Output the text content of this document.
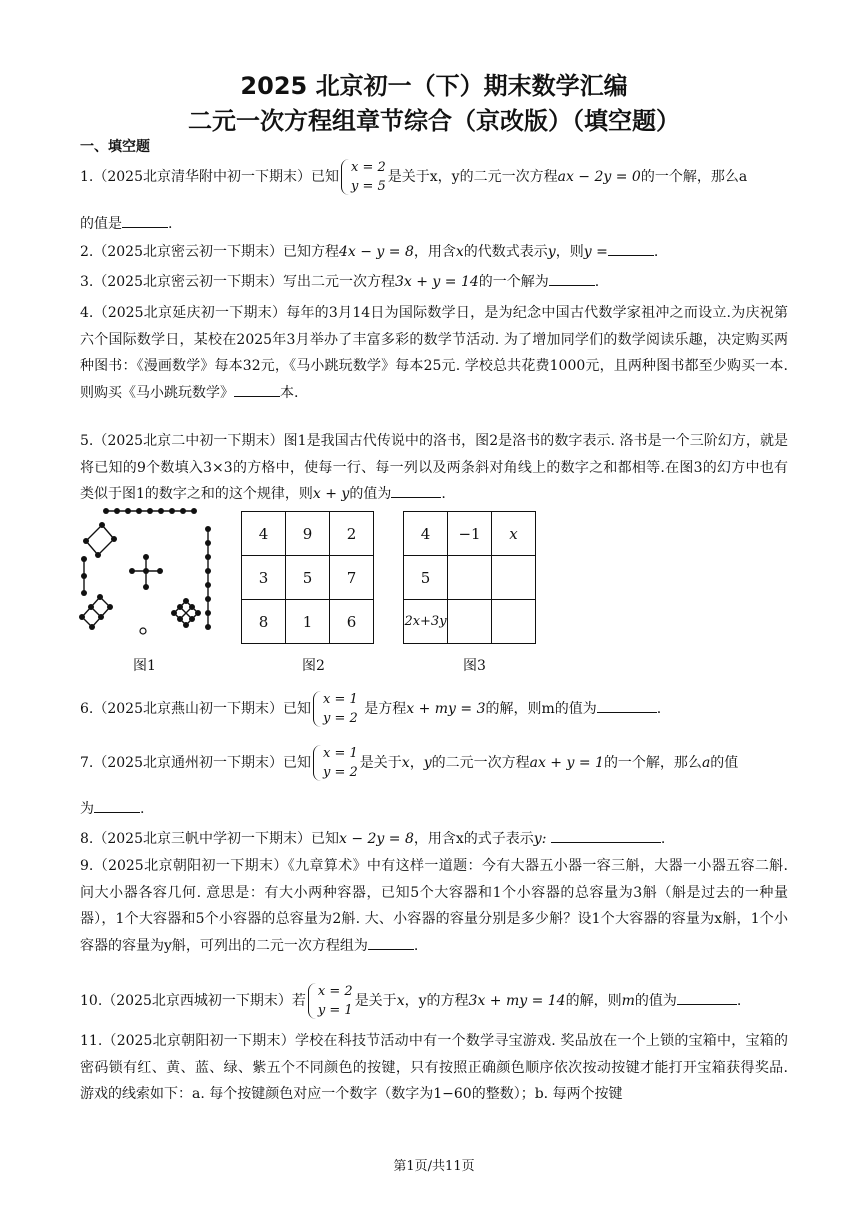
2025 北京初一（下）期末数学汇编
二元一次方程组章节综合（京改版）（填空题）
一、填空题
1.（2025北京清华附中初一下期末）已知
x = 2
y = 5
是关于x，y的二元一次方程ax − 2y = 0的一个解，那么a
的值是	.
2.（2025北京密云初一下期末）已知方程4x − y = 8，用含x的代数式表示y，则y =	.
3.（2025北京密云初一下期末）写出二元一次方程3x + y = 14的一个解为	.
4.（2025北京延庆初一下期末）每年的3月14日为国际数学日，是为纪念中国古代数学家祖冲之而设立.为庆祝第六个国际数学日，某校在2025年3月举办了丰富多彩的数学节活动. 为了增加同学们的数学阅读乐趣，决定购买两种图书：《漫画数学》每本32元，《马小跳玩数学》每本25元. 学校总共花费1000元，且两种图书都至少购买一本. 则购买《马小跳玩数学》	本.
5.（2025北京二中初一下期末）图1是我国古代传说中的洛书，图2是洛书的数字表示. 洛书是一个三阶幻方，就是将已知的9个数填入3×3的方格中，使每一行、每一列以及两条斜对角线上的数字之和都相等.在图3的幻方中也有类似于图1的数字之和的这个规律，则x + y的值为	.
4	9	2
3	5	7
8	1	6
4	−1	x
5		
2x+3y		
图1	图2	图3
6.（2025北京燕山初一下期末）已知
x = 1
y = 2
是方程x + my = 3的解，则m的值为	.
7.（2025北京通州初一下期末）已知
x = 1
y = 2
是关于x，y的二元一次方程ax + y = 1的一个解，那么a的值
为	.
8.（2025北京三帆中学初一下期末）已知x − 2y = 8，用含x的式子表示y:	.
9.（2025北京朝阳初一下期末）《九章算术》中有这样一道题：今有大器五小器一容三斛，大器一小器五容二斛. 问大小器各容几何. 意思是：有大小两种容器，已知5个大容器和1个小容器的总容量为3斛（斛是过去的一种量器），1个大容器和5个小容器的总容量为2斛. 大、小容器的容量分别是多少斛？设1个大容器的容量为x斛，1个小容器的容量为y斛，可列出的二元一次方程组为	.
10.（2025北京西城初一下期末）若
x = 2
y = 1
是关于x，y的方程3x + my = 14的解，则m的值为	.
11.（2025北京朝阳初一下期末）学校在科技节活动中有一个数学寻宝游戏. 奖品放在一个上锁的宝箱中，宝箱的密码锁有红、黄、蓝、绿、紫五个不同颜色的按键，只有按照正确颜色顺序依次按动按键才能打开宝箱获得奖品. 游戏的线索如下：a. 每个按键颜色对应一个数字（数字为1−60的整数）；b. 每两个按键
第1页/共11页
